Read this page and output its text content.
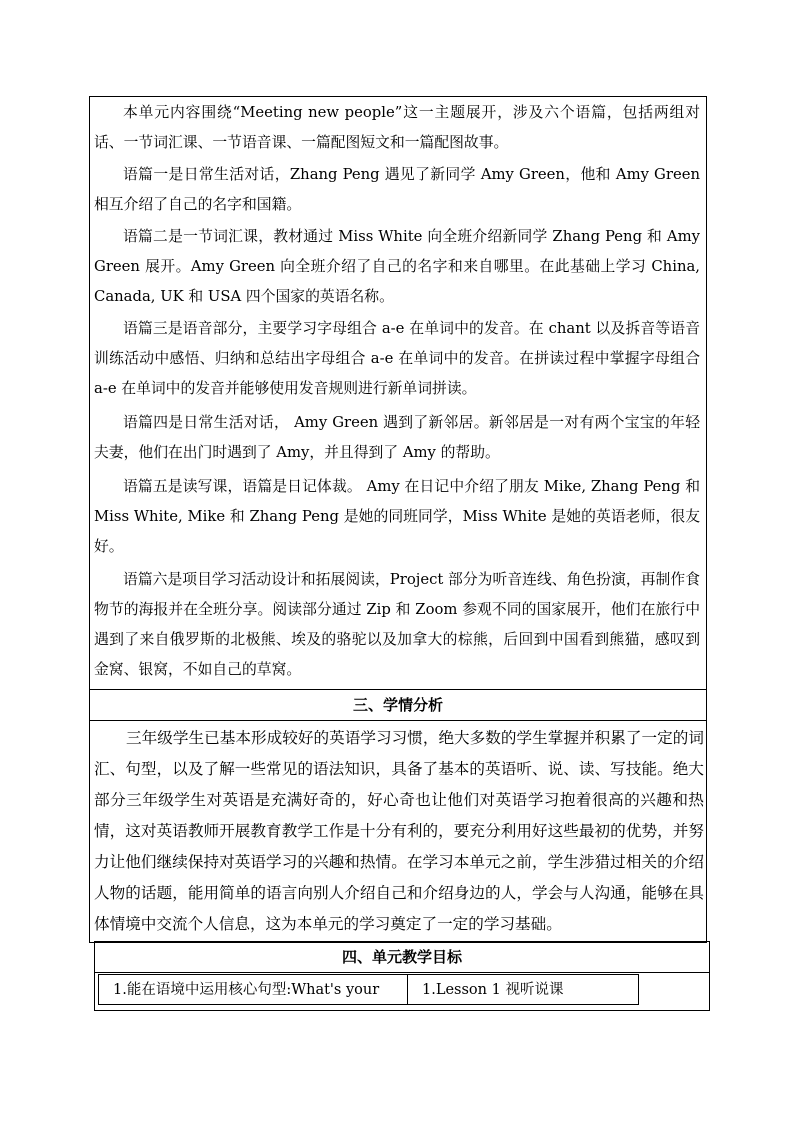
本单元内容围绕“Meeting new people”这一主题展开，涉及六个语篇，包括两组对话、一节词汇课、一节语音课、一篇配图短文和一篇配图故事。

语篇一是日常生活对话，Zhang Peng 遇见了新同学 Amy Green，他和 Amy Green 相互介绍了自己的名字和国籍。

语篇二是一节词汇课，教材通过 Miss White 向全班介绍新同学 Zhang Peng 和 Amy Green 展开。Amy Green 向全班介绍了自己的名字和来自哪里。在此基础上学习 China, Canada, UK 和 USA 四个国家的英语名称。

语篇三是语音部分，主要学习字母组合 a-e 在单词中的发音。在 chant 以及拆音等语音训练活动中感悟、归纳和总结出字母组合 a-e 在单词中的发音。在拼读过程中掌握字母组合 a-e 在单词中的发音并能够使用发音规则进行新单词拼读。

语篇四是日常生活对话， Amy Green 遇到了新邻居。新邻居是一对有两个宝宝的年轻夫妻，他们在出门时遇到了 Amy，并且得到了 Amy 的帮助。

语篇五是读写课，语篇是日记体裁。 Amy 在日记中介绍了朋友 Mike, Zhang Peng 和 Miss White, Mike 和 Zhang Peng 是她的同班同学，Miss White 是她的英语老师，很友好。

语篇六是项目学习活动设计和拓展阅读，Project 部分为听音连线、角色扮演，再制作食物节的海报并在全班分享。阅读部分通过 Zip 和 Zoom 参观不同的国家展开，他们在旅行中遇到了来自俄罗斯的北极熊、埃及的骆驼以及加拿大的棕熊，后回到中国看到熊猫，感叹到金窝、银窝，不如自己的草窝。

三、学情分析

三年级学生已基本形成较好的英语学习习惯，绝大多数的学生掌握并积累了一定的词汇、句型，以及了解一些常见的语法知识，具备了基本的英语听、说、读、写技能。绝大部分三年级学生对英语是充满好奇的，好心奇也让他们对英语学习抱着很高的兴趣和热情，这对英语教师开展教育教学工作是十分有利的，要充分利用好这些最初的优势，并努力让他们继续保持对英语学习的兴趣和热情。在学习本单元之前，学生涉猎过相关的介绍人物的话题，能用简单的语言向别人介绍自己和介绍身边的人，学会与人沟通，能够在具体情境中交流个人信息，这为本单元的学习奠定了一定的学习基础。

四、单元教学目标

1.能在语境中运用核心句型:What's your	1.Lesson 1 视听说课
